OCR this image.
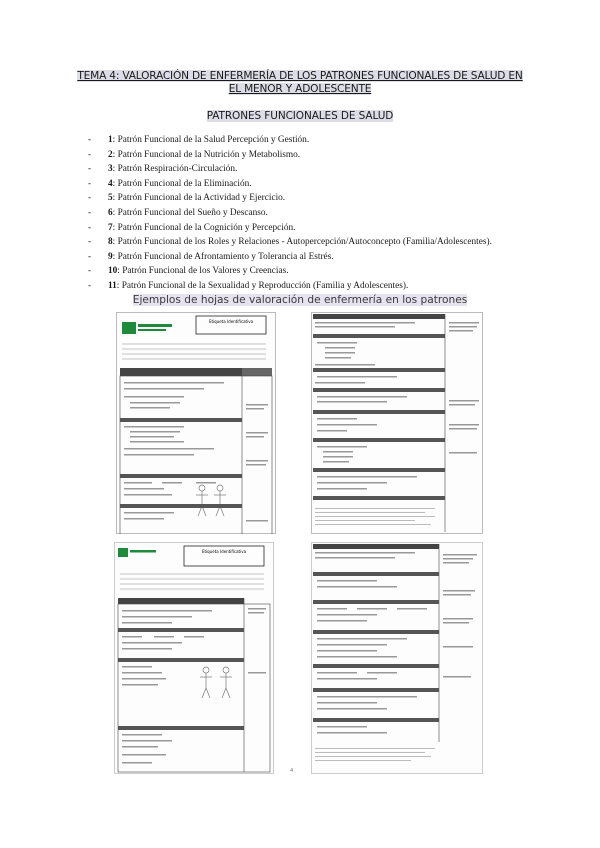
TEMA 4: VALORACIÓN DE ENFERMERÍA DE LOS PATRONES FUNCIONALES DE SALUD EN EL MENOR Y ADOLESCENTE
PATRONES FUNCIONALES DE SALUD
- 1: Patrón Funcional de la Salud Percepción y Gestión.
- 2: Patrón Funcional de la Nutrición y Metabolismo.
- 3: Patrón Respiración-Circulación.
- 4: Patrón Funcional de la Eliminación.
- 5: Patrón Funcional de la Actividad y Ejercicio.
- 6: Patrón Funcional del Sueño y Descanso.
- 7: Patrón Funcional de la Cognición y Percepción.
- 8: Patrón Funcional de los Roles y Relaciones - Autopercepción/Autoconcepto (Familia/Adolescentes).
- 9: Patrón Funcional de Afrontamiento y Tolerancia al Estrés.
- 10: Patrón Funcional de los Valores y Creencias.
- 11: Patrón Funcional de la Sexualidad y Reproducción (Familia y Adolescentes).
Ejemplos de hojas de valoración de enfermería en los patrones
Etiqueta Identificativa
Etiqueta Identificativa
4
